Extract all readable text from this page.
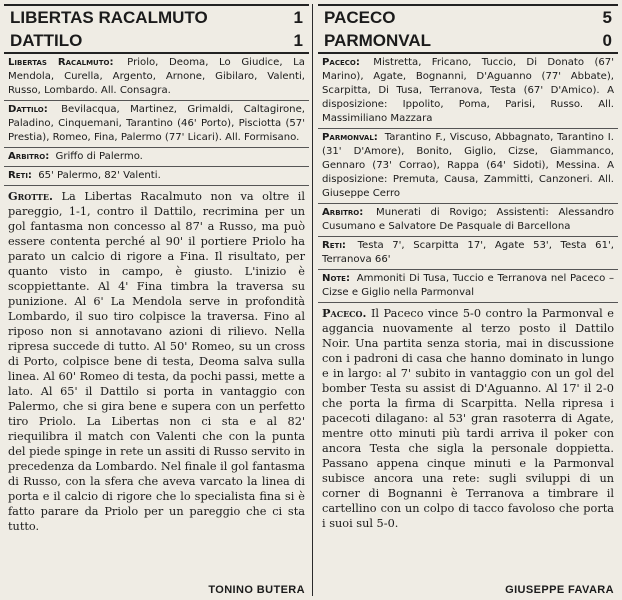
LIBERTAS RACALMUTO	1
DATTILO	1
Libertas Racalmuto: Priolo, Deoma, Lo Giudice, La Mendola, Curella, Argento, Arnone, Gibilaro, Valenti, Russo, Lombardo. All. Consagra.
Dattilo: Bevilacqua, Martinez, Grimaldi, Caltagirone, Paladino, Cinquemani, Tarantino (46' Porto), Pisciotta (57' Prestia), Romeo, Fina, Palermo (77' Licari). All. Formisano.
Arbitro: Griffo di Palermo.
Reti: 65' Palermo, 82' Valenti.

Grotte. La Libertas Racalmuto non va oltre il pareggio, 1-1, contro il Dattilo, recrimina per un gol fantasma non concesso al 87' a Russo, ma può essere contenta perché al 90' il portiere Priolo ha parato un calcio di rigore a Fina. Il risultato, per quanto visto in campo, è giusto. L'inizio è scoppiettante. Al 4' Fina timbra la traversa su punizione. Al 6' La Mendola serve in profondità Lombardo, il suo tiro colpisce la traversa. Fino al riposo non si annotavano azioni di rilievo. Nella ripresa succede di tutto. Al 50' Romeo, su un cross di Porto, colpisce bene di testa, Deoma salva sulla linea. Al 60' Romeo di testa, da pochi passi, mette a lato. Al 65' il Dattilo si porta in vantaggio con Palermo, che si gira bene e supera con un perfetto tiro Priolo. La Libertas non ci sta e al 82' riequilibra il match con Valenti che con la punta del piede spinge in rete un assiti di Russo servito in precedenza da Lombardo. Nel finale il gol fantasma di Russo, con la sfera che aveva varcato la linea di porta e il calcio di rigore che lo specialista fina si è fatto parare da Priolo per un pareggio che ci sta tutto.

TONINO BUTERA
PACECO	5
PARMONVAL	0
Paceco: Mistretta, Fricano, Tuccio, Di Donato (67' Marino), Agate, Bognanni, D'Aguanno (77' Abbate), Scarpitta, Di Tusa, Terranova, Testa (67' D'Amico). A disposizione: Ippolito, Poma, Parisi, Russo. All. Massimiliano Mazzara
Parmonval: Tarantino F., Viscuso, Abbagnato, Tarantino I. (31' D'Amore), Bonito, Giglio, Cizse, Giammanco, Gennaro (73' Corrao), Rappa (64' Sidoti), Messina. A disposizione: Premuta, Causa, Zammitti, Canzoneri. All. Giuseppe Cerro
Arbitro: Munerati di Rovigo; Assistenti: Alessandro Cusumano e Salvatore De Pasquale di Barcellona
Reti: Testa 7', Scarpitta 17', Agate 53', Testa 61', Terranova 66'
Note: Ammoniti Di Tusa, Tuccio e Terranova nel Paceco – Cizse e Giglio nella Parmonval

Paceco. Il Paceco vince 5-0 contro la Parmonval e aggancia nuovamente al terzo posto il Dattilo Noir. Una partita senza storia, mai in discussione con i padroni di casa che hanno dominato in lungo e in largo: al 7' subito in vantaggio con un gol del bomber Testa su assist di D'Aguanno. Al 17' il 2-0 che porta la firma di Scarpitta. Nella ripresa i pacecoti dilagano: al 53' gran rasoterra di Agate, mentre otto minuti più tardi arriva il poker con ancora Testa che sigla la personale doppietta. Passano appena cinque minuti e la Parmonval subisce ancora una rete: sugli sviluppi di un corner di Bognanni è Terranova a timbrare il cartellino con un colpo di tacco favoloso che porta i suoi sul 5-0.

GIUSEPPE FAVARA
